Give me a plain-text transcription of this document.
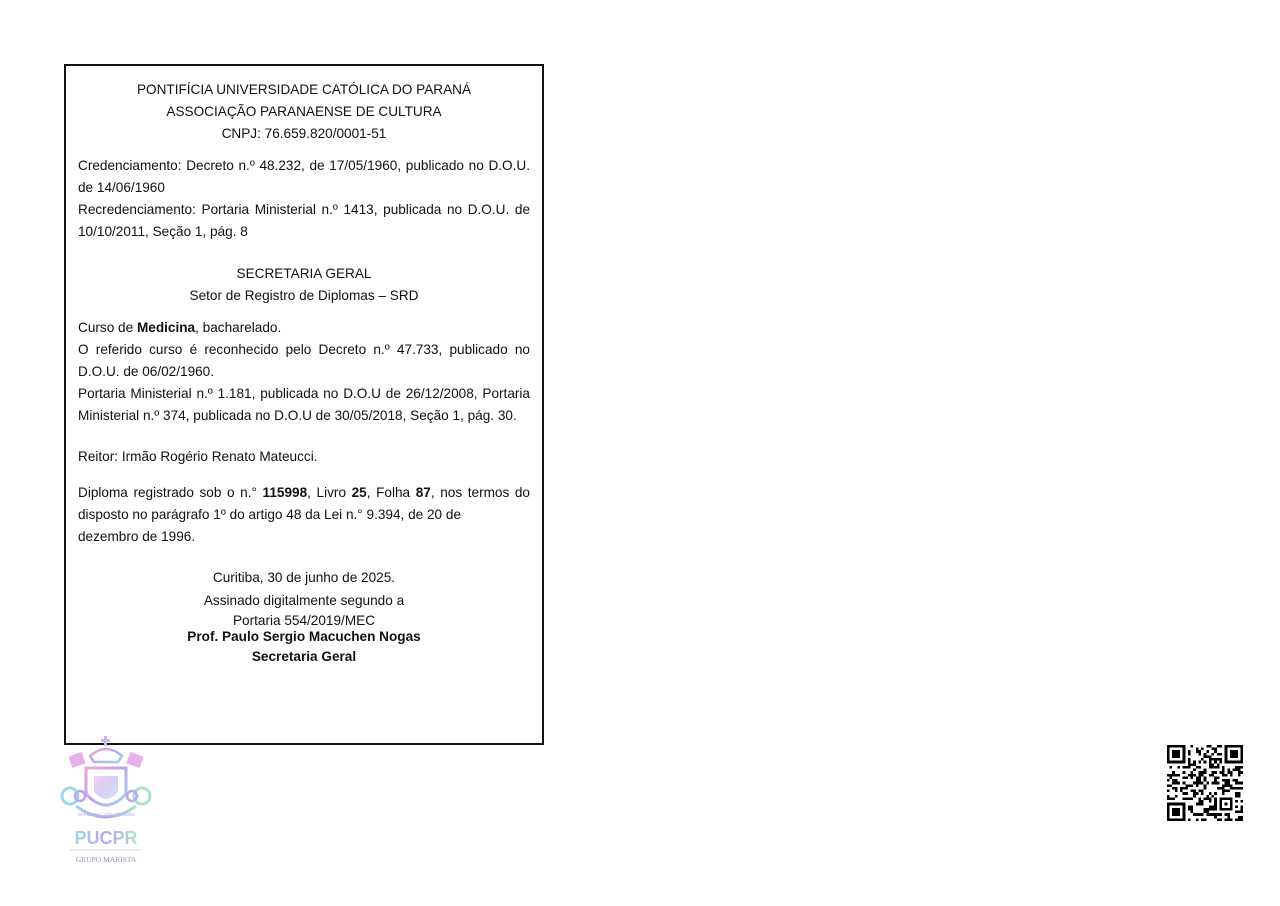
PONTIFÍCIA UNIVERSIDADE CATÓLICA DO PARANÁ

ASSOCIAÇÃO PARANAENSE DE CULTURA

CNPJ: 76.659.820/0001-51

Credenciamento: Decreto n.º 48.232, de 17/05/1960, publicado no D.O.U.

de 14/06/1960

Recredenciamento: Portaria Ministerial n.º 1413, publicada no D.O.U. de

10/10/2011, Seção 1, pág. 8

SECRETARIA GERAL

Setor de Registro de Diplomas – SRD

Curso de Medicina, bacharelado.

O referido curso é reconhecido pelo Decreto n.º 47.733, publicado no

D.O.U. de 06/02/1960.

Portaria Ministerial n.º 1.181, publicada no D.O.U de 26/12/2008, Portaria

Ministerial n.º 374, publicada no D.O.U de 30/05/2018, Seção 1, pág. 30.

Reitor: Irmão Rogério Renato Mateucci.

Diploma registrado sob o n.° 115998, Livro 25, Folha 87, nos termos do

disposto no parágrafo 1º do artigo 48 da Lei n.° 9.394, de 20 de

dezembro de 1996.

Curitiba, 30 de junho de 2025.

Assinado digitalmente segundo a

Portaria 554/2019/MEC

Prof. Paulo Sergio Macuchen Nogas

Secretaria Geral

SAPIENTIA, VITA ET FIDES
PUCPR
GRUPO MARISTA
